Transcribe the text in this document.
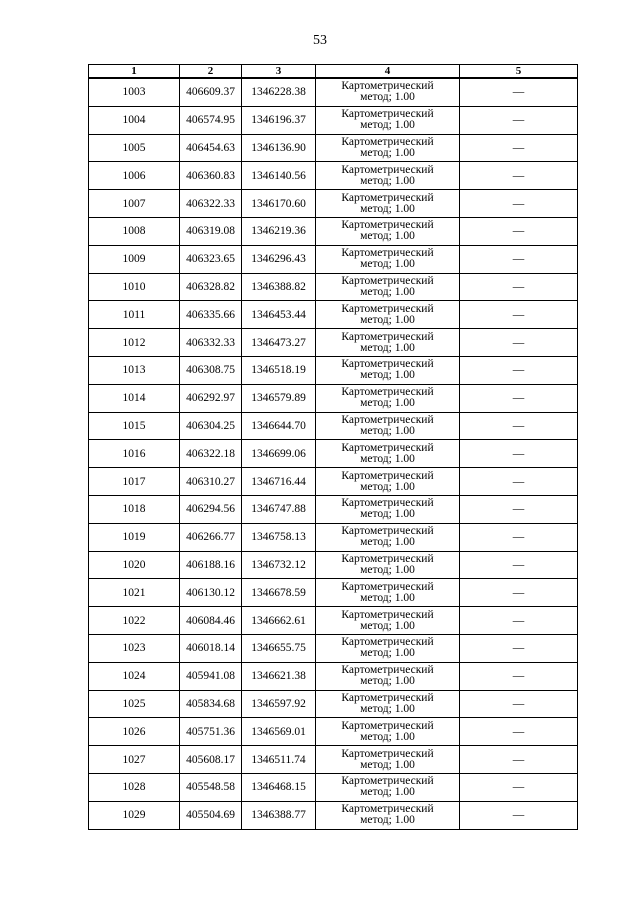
53
1	2	3	4	5
1003	406609.37	1346228.38	Картометрический
метод; 1.00	—
1004	406574.95	1346196.37	Картометрический
метод; 1.00	—
1005	406454.63	1346136.90	Картометрический
метод; 1.00	—
1006	406360.83	1346140.56	Картометрический
метод; 1.00	—
1007	406322.33	1346170.60	Картометрический
метод; 1.00	—
1008	406319.08	1346219.36	Картометрический
метод; 1.00	—
1009	406323.65	1346296.43	Картометрический
метод; 1.00	—
1010	406328.82	1346388.82	Картометрический
метод; 1.00	—
1011	406335.66	1346453.44	Картометрический
метод; 1.00	—
1012	406332.33	1346473.27	Картометрический
метод; 1.00	—
1013	406308.75	1346518.19	Картометрический
метод; 1.00	—
1014	406292.97	1346579.89	Картометрический
метод; 1.00	—
1015	406304.25	1346644.70	Картометрический
метод; 1.00	—
1016	406322.18	1346699.06	Картометрический
метод; 1.00	—
1017	406310.27	1346716.44	Картометрический
метод; 1.00	—
1018	406294.56	1346747.88	Картометрический
метод; 1.00	—
1019	406266.77	1346758.13	Картометрический
метод; 1.00	—
1020	406188.16	1346732.12	Картометрический
метод; 1.00	—
1021	406130.12	1346678.59	Картометрический
метод; 1.00	—
1022	406084.46	1346662.61	Картометрический
метод; 1.00	—
1023	406018.14	1346655.75	Картометрический
метод; 1.00	—
1024	405941.08	1346621.38	Картометрический
метод; 1.00	—
1025	405834.68	1346597.92	Картометрический
метод; 1.00	—
1026	405751.36	1346569.01	Картометрический
метод; 1.00	—
1027	405608.17	1346511.74	Картометрический
метод; 1.00	—
1028	405548.58	1346468.15	Картометрический
метод; 1.00	—
1029	405504.69	1346388.77	Картометрический
метод; 1.00	—
